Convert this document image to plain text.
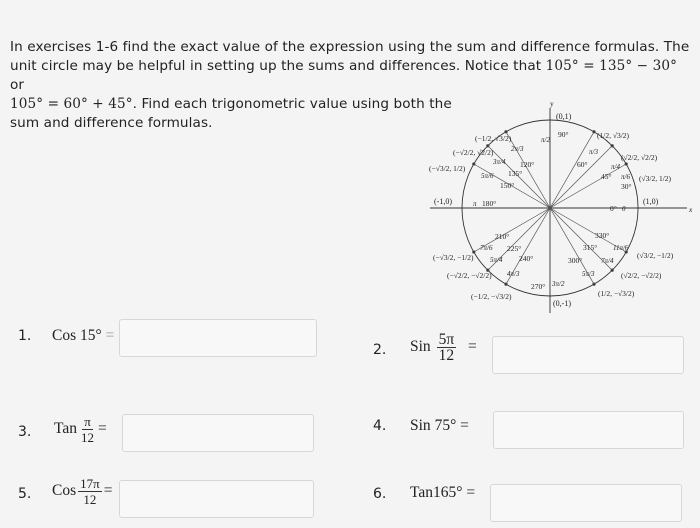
In exercises 1-6 find the exact value of the expression using the sum and difference formulas. The

unit circle may be helpful in setting up the sums and differences. Notice that 105° = 135° − 30° or

105° = 60° + 45°. Find each trigonometric value using both the

sum and difference formulas.

y
x
(1,0)
(0,1)
(-1,0)
(0,-1)
0°
30°
45°
60°
90°
120°
135°
150°
180°
210°
225°
240°
270°
300°
315°
330°
0
π/6
π/4
π/3
π/2
2π/3
3π/4
5π/6
π
7π/6
5π/4
4π/3
3π/2
5π/3
7π/4
11π/6
(√3/2, 1/2)
(√2/2, √2/2)
(1/2, √3/2)
(−1/2, √3/2)
(−√2/2, √2/2)
(−√3/2, 1/2)
(−√3/2, −1/2)
(−√2/2, −√2/2)
(−1/2, −√3/2)	(1/2, −√3/2)
(√2/2, −√2/2)
(√3/2, −1/2)
1. Cos 15° =
2. Sin $\frac{5\pi}{12}$ =
3. Tan $\frac{\pi}{12}$ =	4. Sin 75° =
5. Cos $\frac{17\pi}{12}$ =	6. Tan165° =
